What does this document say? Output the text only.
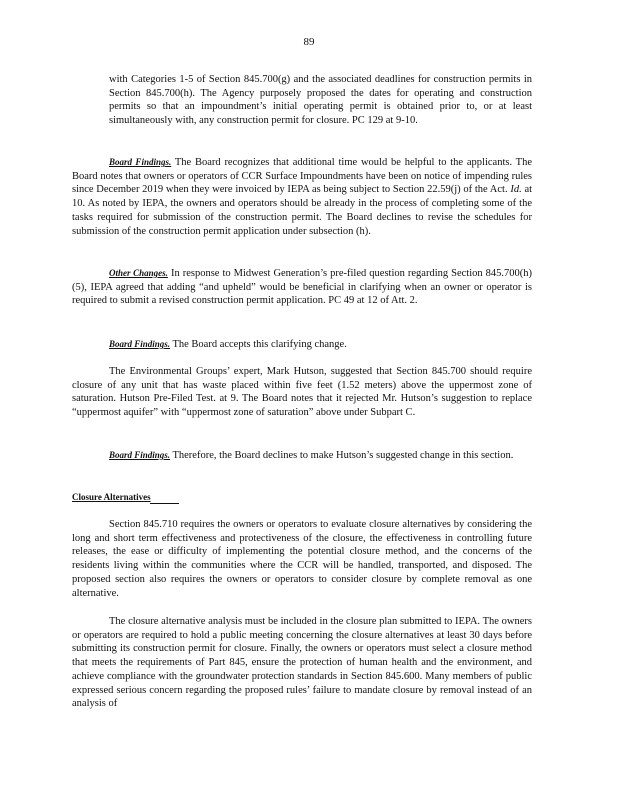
89

with Categories 1-5 of Section 845.700(g) and the associated deadlines for construction permits in Section 845.700(h). The Agency purposely proposed the dates for operating and construction permits so that an impoundment’s initial operating permit is obtained prior to, or at least simultaneously with, any construction permit for closure. PC 129 at 9-10.

Board Findings. The Board recognizes that additional time would be helpful to the applicants. The Board notes that owners or operators of CCR Surface Impoundments have been on notice of impending rules since December 2019 when they were invoiced by IEPA as being subject to Section 22.59(j) of the Act. Id. at 10. As noted by IEPA, the owners and operators should be already in the process of completing some of the tasks required for submission of the construction permit. The Board declines to revise the schedules for submission of the construction permit application under subsection (h).

Other Changes. In response to Midwest Generation’s pre-filed question regarding Section 845.700(h)(5), IEPA agreed that adding “and upheld” would be beneficial in clarifying when an owner or operator is required to submit a revised construction permit application. PC 49 at 12 of Att. 2.

Board Findings. The Board accepts this clarifying change.

The Environmental Groups’ expert, Mark Hutson, suggested that Section 845.700 should require closure of any unit that has waste placed within five feet (1.52 meters) above the uppermost zone of saturation. Hutson Pre-Filed Test. at 9. The Board notes that it rejected Mr. Hutson’s suggestion to replace “uppermost aquifer” with “uppermost zone of saturation” above under Subpart C.

Board Findings. Therefore, the Board declines to make Hutson’s suggested change in this section.

Closure Alternatives

Section 845.710 requires the owners or operators to evaluate closure alternatives by considering the long and short term effectiveness and protectiveness of the closure, the effectiveness in controlling future releases, the ease or difficulty of implementing the potential closure method, and the concerns of the residents living within the communities where the CCR will be handled, transported, and disposed. The proposed section also requires the owners or operators to consider closure by complete removal as one alternative.

The closure alternative analysis must be included in the closure plan submitted to IEPA. The owners or operators are required to hold a public meeting concerning the closure alternatives at least 30 days before submitting its construction permit for closure. Finally, the owners or operators must select a closure method that meets the requirements of Part 845, ensure the protection of human health and the environment, and achieve compliance with the groundwater protection standards in Section 845.600. Many members of public expressed serious concern regarding the proposed rules’ failure to mandate closure by removal instead of an analysis of
